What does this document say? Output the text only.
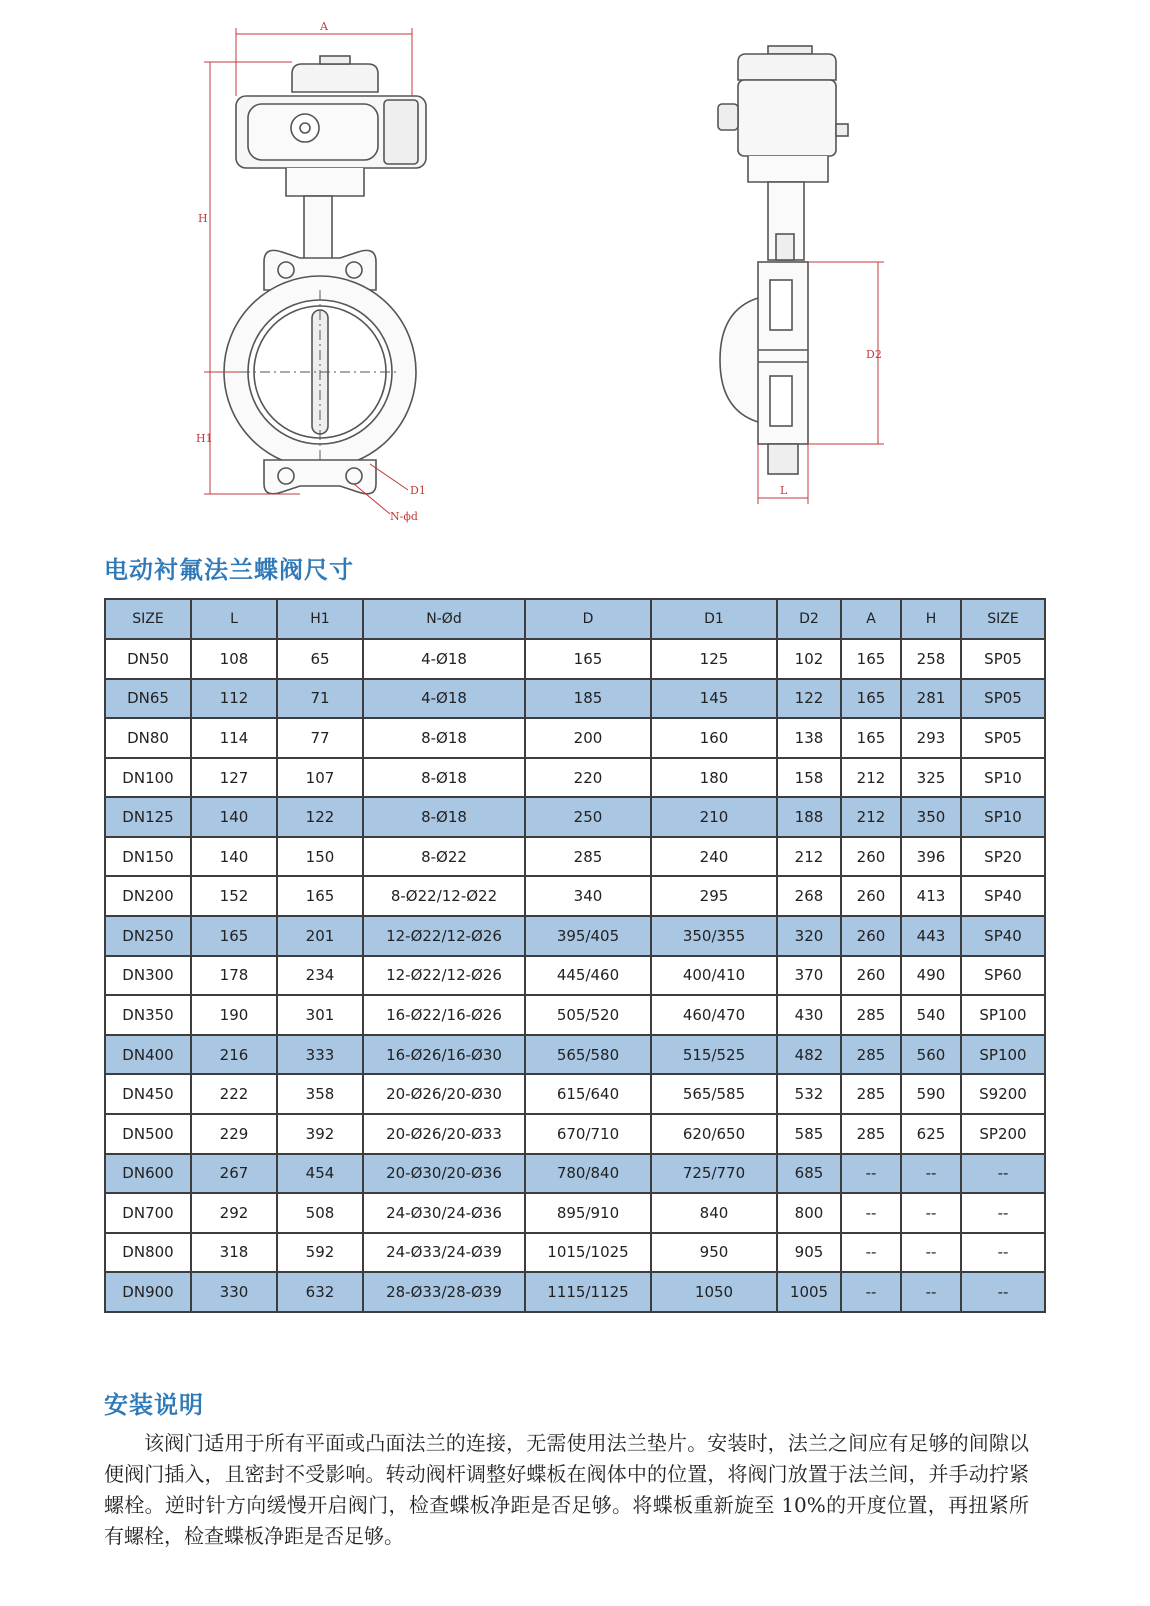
A
H
H1
D1
N-ϕd
D2
L
电动衬氟法兰蝶阀尺寸
SIZE	L	H1	N-Ød	D	D1	D2	A	H	SIZE
DN50	108	65	4-Ø18	165	125	102	165	258	SP05
DN65	112	71	4-Ø18	185	145	122	165	281	SP05
DN80	114	77	8-Ø18	200	160	138	165	293	SP05
DN100	127	107	8-Ø18	220	180	158	212	325	SP10
DN125	140	122	8-Ø18	250	210	188	212	350	SP10
DN150	140	150	8-Ø22	285	240	212	260	396	SP20
DN200	152	165	8-Ø22/12-Ø22	340	295	268	260	413	SP40
DN250	165	201	12-Ø22/12-Ø26	395/405	350/355	320	260	443	SP40
DN300	178	234	12-Ø22/12-Ø26	445/460	400/410	370	260	490	SP60
DN350	190	301	16-Ø22/16-Ø26	505/520	460/470	430	285	540	SP100
DN400	216	333	16-Ø26/16-Ø30	565/580	515/525	482	285	560	SP100
DN450	222	358	20-Ø26/20-Ø30	615/640	565/585	532	285	590	S9200
DN500	229	392	20-Ø26/20-Ø33	670/710	620/650	585	285	625	SP200
DN600	267	454	20-Ø30/20-Ø36	780/840	725/770	685	--	--	--
DN700	292	508	24-Ø30/24-Ø36	895/910	840	800	--	--	--
DN800	318	592	24-Ø33/24-Ø39	1015/1025	950	905	--	--	--
DN900	330	632	28-Ø33/28-Ø39	1115/1125	1050	1005	--	--	--
安装说明

该阀门适用于所有平面或凸面法兰的连接，无需使用法兰垫片。安装时，法兰之间应有足够的间隙以便阀门插入，且密封不受影响。转动阀杆调整好蝶板在阀体中的位置，将阀门放置于法兰间，并手动拧紧螺栓。逆时针方向缓慢开启阀门，检查蝶板净距是否足够。将蝶板重新旋至 10%的开度位置，再扭紧所有螺栓，检查蝶板净距是否足够。
